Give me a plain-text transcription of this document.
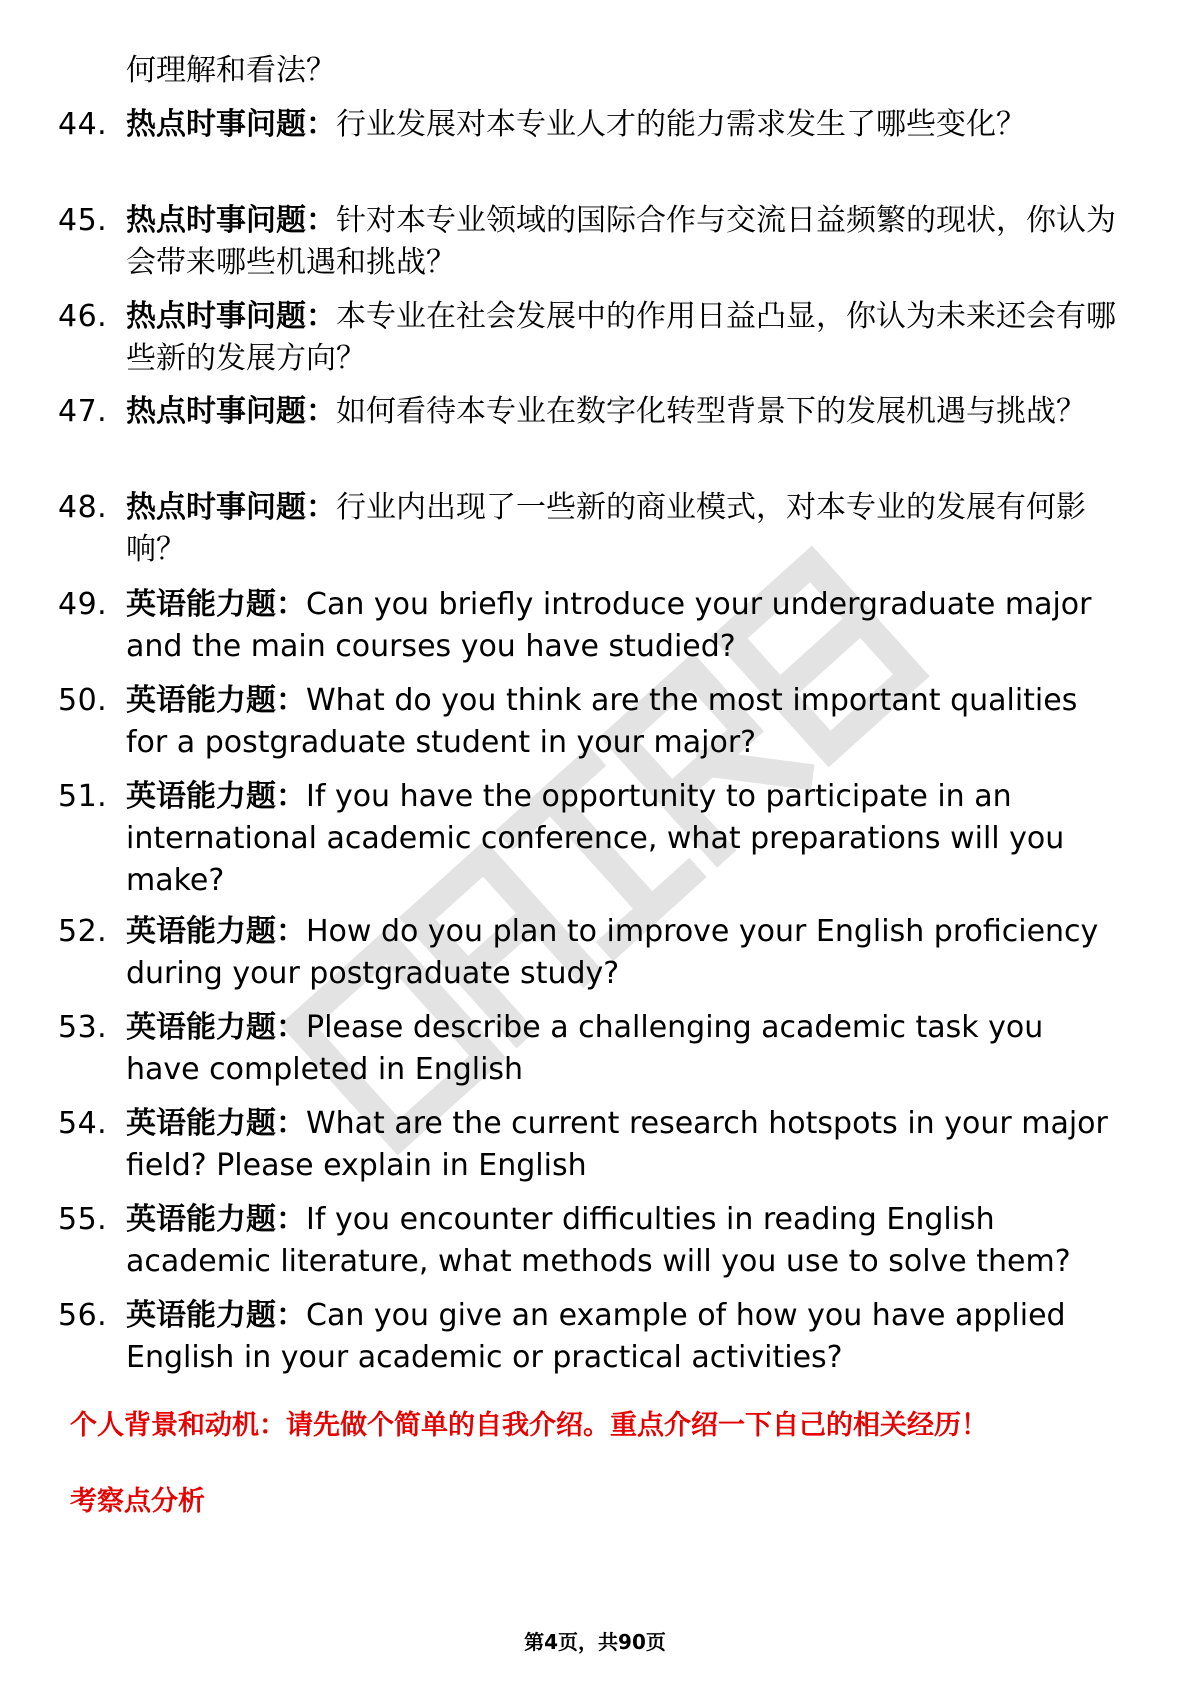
何理解和看法？

44. 热点时事问题：行业发展对本专业人才的能力需求发生了哪些变化？
45. 热点时事问题：针对本专业领域的国际合作与交流日益频繁的现状，你认为会带来哪些机遇和挑战？
46. 热点时事问题：本专业在社会发展中的作用日益凸显，你认为未来还会有哪些新的发展方向？
47. 热点时事问题：如何看待本专业在数字化转型背景下的发展机遇与挑战？
48. 热点时事问题：行业内出现了一些新的商业模式，对本专业的发展有何影响？
49. 英语能力题：Can you briefly introduce your undergraduate major and the main courses you have studied?
50. 英语能力题：What do you think are the most important qualities for a postgraduate student in your major?
51. 英语能力题：If you have the opportunity to participate in an international academic conference, what preparations will you make?
52. 英语能力题：How do you plan to improve your English proficiency during your postgraduate study?
53. 英语能力题：Please describe a challenging academic task you have completed in English
54. 英语能力题：What are the current research hotspots in your major field? Please explain in English
55. 英语能力题：If you encounter difficulties in reading English academic literature, what methods will you use to solve them?
56. 英语能力题：Can you give an example of how you have applied English in your academic or practical activities?

个人背景和动机：请先做个简单的自我介绍。重点介绍一下自己的相关经历！

考察点分析

第4页，共90页
